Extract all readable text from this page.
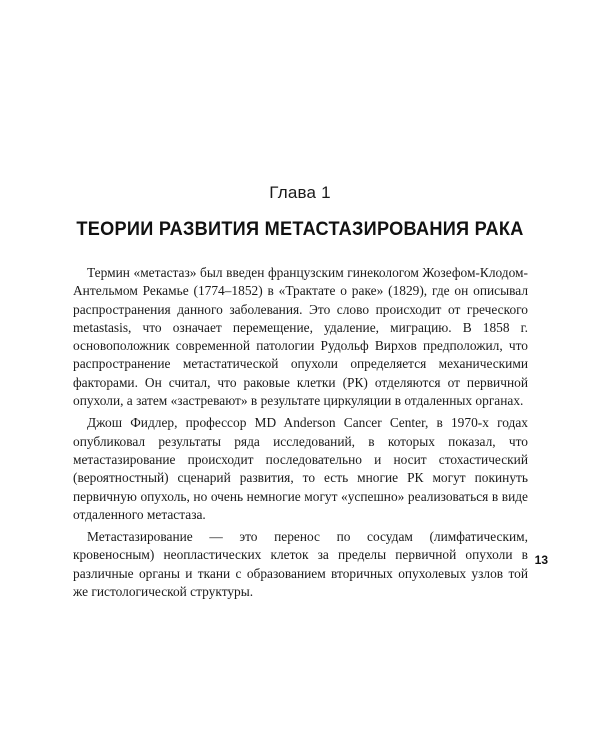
Глава 1
ТЕОРИИ РАЗВИТИЯ МЕТАСТАЗИРОВАНИЯ РАКА

Термин «метастаз» был введен французским гинекологом Жозефом-Клодом-Антельмом Рекамье (1774–1852) в «Трактате о раке» (1829), где он описывал распространения данного заболевания. Это слово происходит от греческого metastasis, что означает перемещение, удаление, миграцию. В 1858 г. основоположник современной патологии Рудольф Вирхов предположил, что распространение метастатической опухоли определяется механическими факторами. Он считал, что раковые клетки (РК) отделяются от первичной опухоли, а затем «застревают» в результате циркуляции в отдаленных органах.

Джош Фидлер, профессор MD Anderson Cancer Center, в 1970-х годах опубликовал результаты ряда исследований, в которых показал, что метастазирование происходит последовательно и носит стохастический (вероятностный) сценарий развития, то есть многие РК могут покинуть первичную опухоль, но очень немногие могут «успешно» реализоваться в виде отдаленного метастаза.

Метастазирование — это перенос по сосудам (лимфатическим, кровеносным) неопластических клеток за пределы первичной опухоли в различные органы и ткани с образованием вторичных опухолевых узлов той же гистологической структуры.

13
